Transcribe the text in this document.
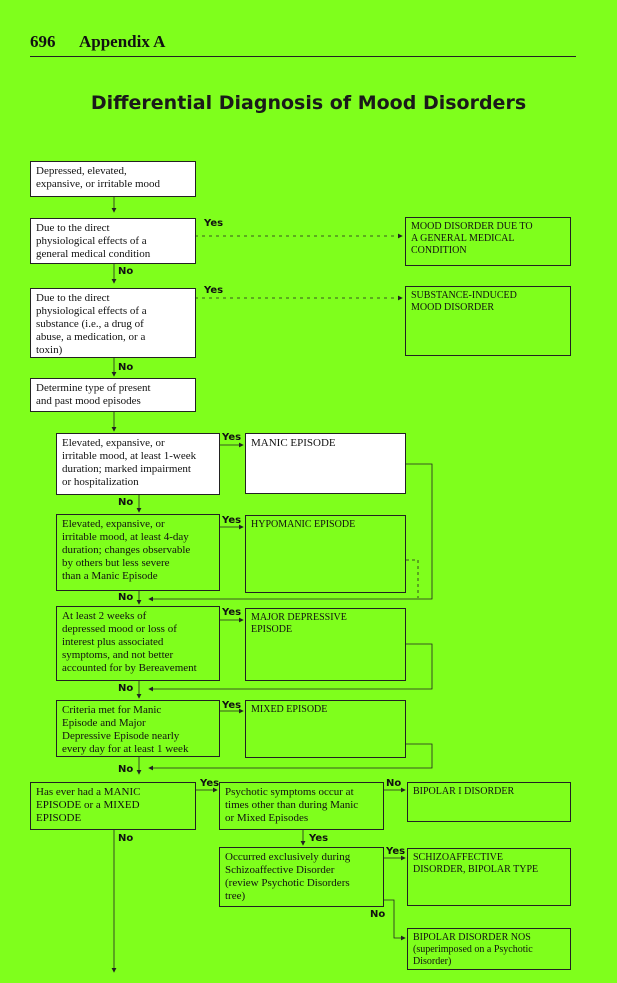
696 Appendix A
Differential Diagnosis of Mood Disorders
Depressed, elevated,
expansive, or irritable mood
Due to the direct
physiological effects of a
general medical condition
Yes
No
MOOD DISORDER DUE TO
A GENERAL MEDICAL
CONDITION
Due to the direct
physiological effects of a
substance (i.e., a drug of
abuse, a medication, or a
toxin)
Yes
No
SUBSTANCE-INDUCED
MOOD DISORDER
Determine type of present
and past mood episodes
Elevated, expansive, or
irritable mood, at least 1-week
duration; marked impairment
or hospitalization
Yes
No
MANIC EPISODE
Elevated, expansive, or
irritable mood, at least 4-day
duration; changes observable
by others but less severe
than a Manic Episode
Yes
No
HYPOMANIC EPISODE
At least 2 weeks of
depressed mood or loss of
interest plus associated
symptoms, and not better
accounted for by Bereavement
Yes
No
MAJOR DEPRESSIVE
EPISODE
Criteria met for Manic
Episode and Major
Depressive Episode nearly
every day for at least 1 week
Yes
No
MIXED EPISODE
Has ever had a MANIC
EPISODE or a MIXED
EPISODE
Yes
No
Psychotic symptoms occur at
times other than during Manic
or Mixed Episodes
No
Yes
BIPOLAR I DISORDER
Occurred exclusively during
Schizoaffective Disorder
(review Psychotic Disorders
tree)
Yes
No
SCHIZOAFFECTIVE
DISORDER, BIPOLAR TYPE
BIPOLAR DISORDER NOS
(superimposed on a Psychotic
Disorder)
